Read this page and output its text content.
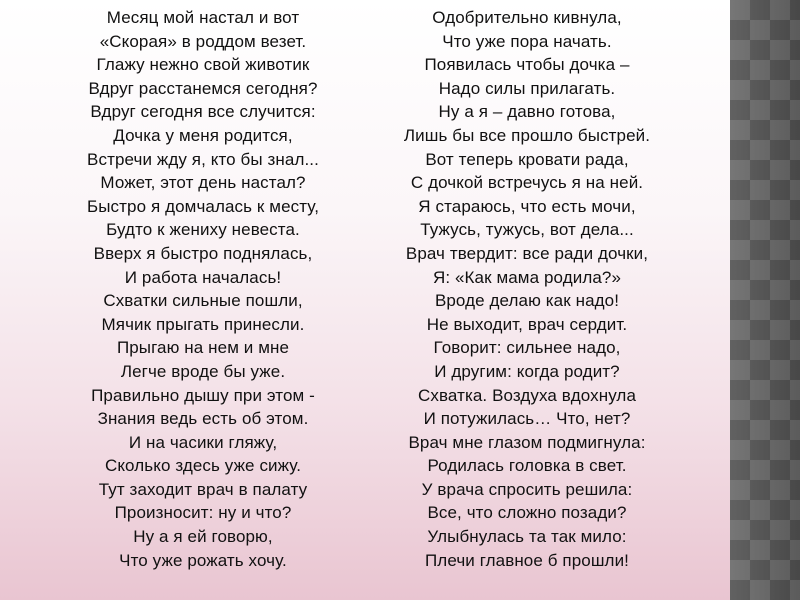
Месяц мой настал и вот
«Скорая» в роддом везет.
Глажу нежно свой животик
Вдруг расстанемся сегодня?
Вдруг сегодня все случится:
Дочка у меня родится,
Встречи жду я, кто бы знал...
Может, этот день настал?
Быстро я домчалась к месту,
Будто к жениху невеста.
Вверх я быстро поднялась,
И работа началась!
Схватки сильные пошли,
Мячик прыгать принесли.
Прыгаю на нем и мне
Легче вроде бы уже.
Правильно дышу при этом -
Знания ведь есть об этом.
И на часики гляжу,
Сколько здесь уже сижу.
Тут заходит врач в палату
Произносит: ну и что?
Ну а я ей говорю,
Что уже рожать хочу.
Одобрительно кивнула,
Что уже пора начать.
Появилась чтобы дочка –
Надо силы прилагать.
Ну а я – давно готова,
Лишь бы все прошло быстрей.
Вот теперь кровати рада,
С дочкой встречусь я на ней.
Я стараюсь, что есть мочи,
Тужусь, тужусь, вот дела...
Врач твердит: все ради дочки,
Я: «Как мама родила?»
Вроде делаю как надо!
Не выходит, врач сердит.
Говорит: сильнее надо,
И другим: когда родит?
Схватка. Воздуха вдохнула
И потужилась… Что, нет?
Врач мне глазом подмигнула:
Родилась головка в свет.
У врача спросить решила:
Все, что сложно позади?
Улыбнулась та так мило:
Плечи главное б прошли!
